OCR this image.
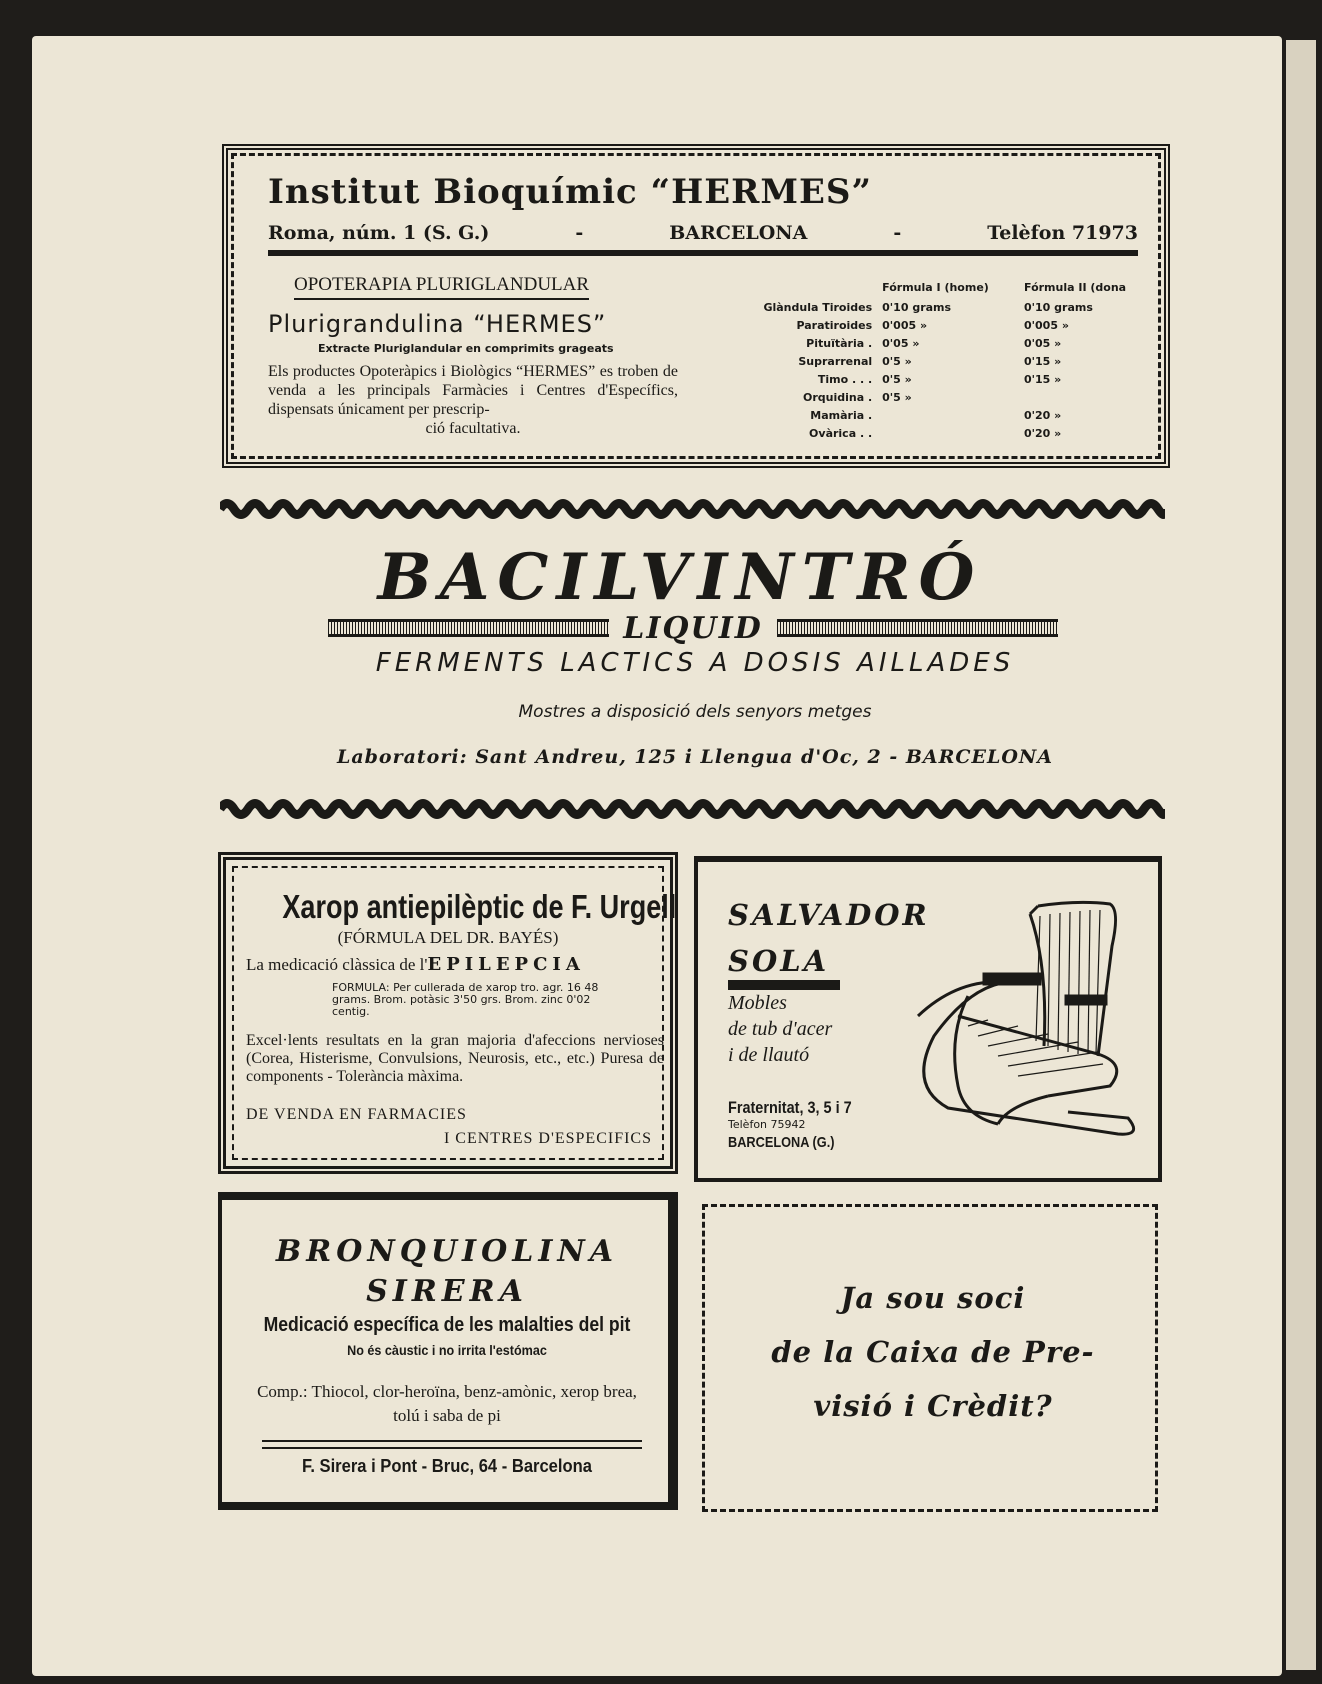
Institut Bioquímic “HERMES”
Roma, núm. 1 (S. G.)	-	BARCELONA	-	Telèfon 71973
OPOTERAPIA PLURIGLANDULAR
Plurigrandulina “HERMES”
Extracte Pluriglandular en comprimits grageats
Els productes Opoteràpics i Biològics “HERMES” es troben de venda a les principals Farmàcies i Centres d'Específics, dispensats únicament per prescrip-
ció facultativa.
	Fórmula I (home)	Fórmula II (dona
Glàndula Tiroides	0'10 grams	0'10 grams
Paratiroides	0'005 »	0'005 »
Pituïtària .	0'05 »	0'05 »
Suprarrenal	0'5 »	0'15 »
Timo . . .	0'5 »	0'15 »
Orquidina .	0'5 »	
Mamària .		0'20 »
Ovàrica . .		0'20 »
BACILVINTRÓ
LIQUID
FERMENTS LACTICS A DOSIS AILLADES
Mostres a disposició dels senyors metges
Laboratori: Sant Andreu, 125 i Llengua d'Oc, 2 - BARCELONA
Xarop antiepilèptic de F. Urgell
(FÓRMULA DEL DR. BAYÉS)
La medicació clàssica de l'EPILEPCIA
FORMULA: Per cullerada de xarop tro. agr. 16 48 grams. Brom. potàsic 3'50 grs. Brom. zinc 0'02 centig.
Excel·lents resultats en la gran majoria d'afeccions nervioses (Corea, Histerisme, Convulsions, Neurosis, etc., etc.) Puresa de components - Tolerància màxima.
DE VENDA EN FARMACIES
I CENTRES D'ESPECIFICS
SALVADOR
SOLA
Mobles
de tub d'acer
i de llautó
Fraternitat, 3, 5 i 7
Telèfon 75942
BARCELONA (G.)
BRONQUIOLINA
SIRERA
Medicació específica de les malalties del pit
No és càustic i no irrita l'estómac
Comp.: Thiocol, clor-heroïna, benz-amònic, xerop brea, tolú i saba de pi
F. Sirera i Pont - Bruc, 64 - Barcelona
Ja sou soci
de la Caixa de Pre-
visió i Crèdit?
